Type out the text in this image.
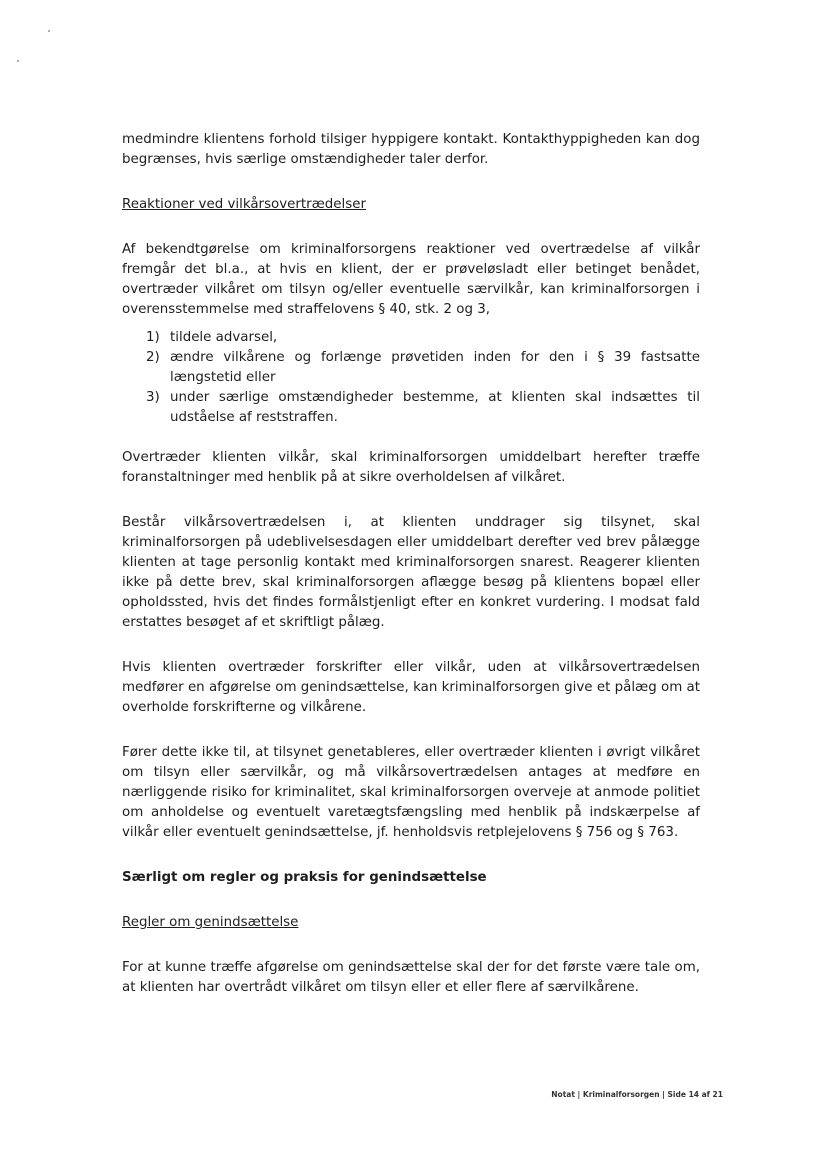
medmindre klientens forhold tilsiger hyppigere kontakt. Kontakthyppigheden kan dog begrænses, hvis særlige omstændigheder taler derfor.

Reaktioner ved vilkårsovertrædelser

Af bekendtgørelse om kriminalforsorgens reaktioner ved overtrædelse af vilkår fremgår det bl.a., at hvis en klient, der er prøveløsladt eller betinget benådet, overtræder vilkåret om tilsyn og/eller eventuelle særvilkår, kan kriminalforsorgen i overensstemmelse med straffelovens § 40, stk. 2 og 3,

1) tildele advarsel,
2) ændre vilkårene og forlænge prøvetiden inden for den i § 39 fastsatte længstetid eller
3) under særlige omstændigheder bestemme, at klienten skal indsættes til udståelse af reststraffen.

Overtræder klienten vilkår, skal kriminalforsorgen umiddelbart herefter træffe foranstaltninger med henblik på at sikre overholdelsen af vilkåret.

Består vilkårsovertrædelsen i, at klienten unddrager sig tilsynet, skal kriminalforsorgen på udeblivelsesdagen eller umiddelbart derefter ved brev pålægge klienten at tage personlig kontakt med kriminalforsorgen snarest. Reagerer klienten ikke på dette brev, skal kriminalforsorgen aflægge besøg på klientens bopæl eller opholdssted, hvis det findes formålstjenligt efter en konkret vurdering. I modsat fald erstattes besøget af et skriftligt pålæg.

Hvis klienten overtræder forskrifter eller vilkår, uden at vilkårsovertrædelsen medfører en afgørelse om genindsættelse, kan kriminalforsorgen give et pålæg om at overholde forskrifterne og vilkårene.

Fører dette ikke til, at tilsynet genetableres, eller overtræder klienten i øvrigt vilkåret om tilsyn eller særvilkår, og må vilkårsovertrædelsen antages at medføre en nærliggende risiko for kriminalitet, skal kriminalforsorgen overveje at anmode politiet om anholdelse og eventuelt varetægtsfængsling med henblik på indskærpelse af vilkår eller eventuelt genindsættelse, jf. henholdsvis retplejelovens § 756 og § 763.

Særligt om regler og praksis for genindsættelse

Regler om genindsættelse

For at kunne træffe afgørelse om genindsættelse skal der for det første være tale om, at klienten har overtrådt vilkåret om tilsyn eller et eller flere af særvilkårene.

Notat | Kriminalforsorgen | Side 14 af 21
